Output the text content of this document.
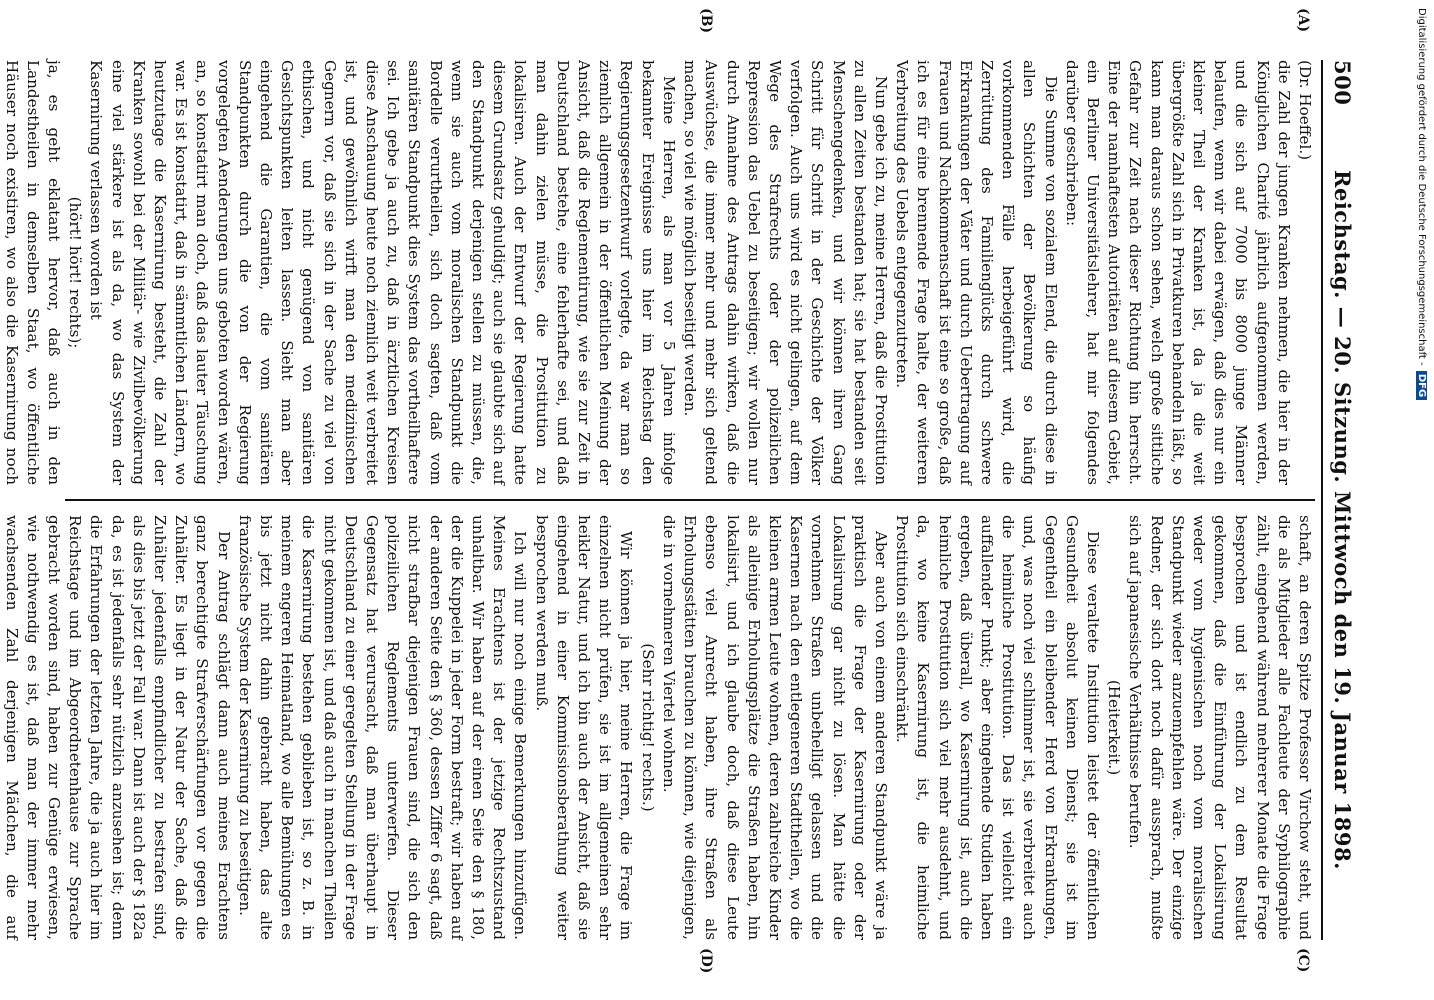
500
Reichstag. — 20. Sitzung. Mittwoch den 19. Januar 1898.

(Dr. Hoeffel.)

die Zahl der jungen Kranken nehmen, die hier in der Königlichen Charité jährlich aufgenommen werden, und die sich auf 7000 bis 8000 junge Männer belaufen, wenn wir dabei erwägen, daß dies nur ein kleiner Theil der Kranken ist, da ja die weit übergrößte Zahl sich in Privatkuren behandeln läßt, so kann man daraus schon sehen, welch große sittliche Gefahr zur Zeit nach dieser Richtung hin herrscht. Eine der namhaftesten Autoritäten auf diesem Gebiet, ein Berliner Universitätslehrer, hat mir folgendes darüber geschrieben:

Die Summe von sozialem Elend, die durch diese in allen Schichten der Bevölkerung so häufig vorkommenden Fälle herbeigeführt wird, die Zerrüttung des Familienglücks durch schwere Erkrankungen der Väter und durch Uebertragung auf Frauen und Nachkommenschaft ist eine so große, daß ich es für eine brennende Frage halte, der weiteren Verbreitung des Uebels entgegenzutreten.

Nun gebe ich zu, meine Herren, daß die Prostitution zu allen Zeiten bestanden hat; sie hat bestanden seit Menschengedenken, und wir können ihren Gang Schritt für Schritt in der Geschichte der Völker verfolgen. Auch uns wird es nicht gelingen, auf dem Wege des Strafrechts oder der polizeilichen Repression das Uebel zu beseitigen; wir wollen nur durch Annahme des Antrags dahin wirken, daß die Auswüchse, die immer mehr und mehr sich geltend machen, so viel wie möglich beseitigt werden.

Meine Herren, als man vor 5 Jahren infolge bekannter Ereignisse uns hier im Reichstag den Regierungsgesetzentwurf vorlegte, da war man so ziemlich allgemein in der öffentlichen Meinung der Ansicht, daß die Reglementirung, wie sie zur Zeit in Deutschland bestehe, eine fehlerhafte sei, und daß man dahin zielen müsse, die Prostitution zu lokalisiren. Auch der Entwurf der Regierung hatte diesem Grundsatz gehuldigt; auch sie glaubte sich auf den Standpunkt derjenigen stellen zu müssen, die, wenn sie auch vom moralischen Standpunkt die Bordelle verurtheilen, sich doch sagten, daß vom sanitären Standpunkt dies System das vortheilhaftere sei. Ich gebe ja auch zu, daß in ärztlichen Kreisen diese Anschauung heute noch ziemlich weit verbreitet ist, und gewöhnlich wirft man den medizinischen Gegnern vor, daß sie sich in der Sache zu viel von ethischen, und nicht genügend von sanitären Gesichtspunkten leiten lassen. Sieht man aber eingehend die Garantien, die vom sanitären Standpunkten durch die von der Regierung vorgelegten Aenderungen uns geboten worden wären, an, so konstatirt man doch, daß das lauter Täuschung war. Es ist konstatirt, daß in sämmtlichen Ländern, wo heutzutage die Kasernirung besteht, die Zahl der Kranken sowohl bei der Militär- wie Zivilbevölkerung eine viel stärkere ist als da, wo das System der Kasernirung verlassen worden ist

(hört! hört! rechts);

ja, es geht eklatant hervor, daß auch in den Landestheilen in demselben Staat, wo öffentliche Häuser noch existiren, wo also die Kasernirung noch

schaft, an deren Spitze Professor Virchow steht, und die als Mitglieder alle Fachleute der Syphilographie zählt, eingehend während mehrerer Monate die Frage besprochen und ist endlich zu dem Resultat gekommen, daß die Einführung der Lokalisirung weder vom hygienischen noch vom moralischen Standpunkt wieder anzuempfehlen wäre. Der einzige Redner, der sich dort noch dafür aussprach, mußte sich auf japanesische Verhältnisse berufen.

(Heiterkeit.)

Diese veraltete Institution leistet der öffentlichen Gesundheit absolut keinen Dienst; sie ist im Gegentheil ein bleibender Herd von Erkrankungen, und, was noch viel schlimmer ist, sie verbreitet auch die heimliche Prostitution. Das ist vielleicht ein auffallender Punkt; aber eingehende Studien haben ergeben, daß überall, wo Kasernirung ist, auch die heimliche Prostitution sich viel mehr ausdehnt, und da, wo keine Kasernirung ist, die heimliche Prostitution sich einschränkt.

Aber auch von einem anderen Standpunkt wäre ja praktisch die Frage der Kasernirung oder der Lokalisirung gar nicht zu lösen. Man hätte die vornehmen Straßen unbehelligt gelassen und die Kasernen nach den entlegeneren Stadttheilen, wo die kleinen armen Leute wohnen, deren zahlreiche Kinder als alleinige Erholungsplätze die Straßen haben, hin lokalisirt, und ich glaube doch, daß diese Leute ebenso viel Anrecht haben, ihre Straßen als Erholungsstätten brauchen zu können, wie diejenigen, die in vornehmeren Viertel wohnen.

(Sehr richtig! rechts.)

Wir können ja hier, meine Herren, die Frage im einzelnen nicht prüfen, sie ist im allgemeinen sehr heikler Natur, und ich bin auch der Ansicht, daß sie eingehend in einer Kommissionsberathung weiter besprochen werden muß.

Ich will nur noch einige Bemerkungen hinzufügen. Meines Erachtens ist der jetzige Rechtszustand unhaltbar. Wir haben auf der einen Seite den § 180, der die Kuppelei in jeder Form bestraft; wir haben auf der anderen Seite den § 360, dessen Ziffer 6 sagt, daß nicht strafbar diejenigen Frauen sind, die sich den polizeilichen Reglements unterwerfen. Dieser Gegensatz hat verursacht, daß man überhaupt in Deutschland zu einer geregelten Stellung in der Frage nicht gekommen ist, und daß auch in manchen Theilen die Kasernirung bestehen geblieben ist, so z. B. in meinem engeren Heimatland, wo alle Bemühungen es bis jetzt nicht dahin gebracht haben, das alte französische System der Kasernirung zu beseitigen.

Der Antrag schlägt dann auch meines Erachtens ganz berechtigte Strafverschärfungen vor gegen die Zuhälter. Es liegt in der Natur der Sache, daß die Zuhälter jedenfalls empfindlicher zu bestrafen sind, als dies bis jetzt der Fall war. Dann ist auch der § 182a da, es ist jedenfalls sehr nützlich anzusehen ist; denn die Erfahrungen der letzten Jahre, die ja auch hier im Reichstage und im Abgeordnetenhause zur Sprache gebracht worden sind, haben zur Genüge erwiesen, wie nothwendig es ist, daß man der immer mehr wachsenden Zahl derjenigen Mädchen, die auf

(A)
(B)
(C)
(D)
Digitalisierung gefördert durch die Deutsche Forschungsgemeinschaft - DFG
